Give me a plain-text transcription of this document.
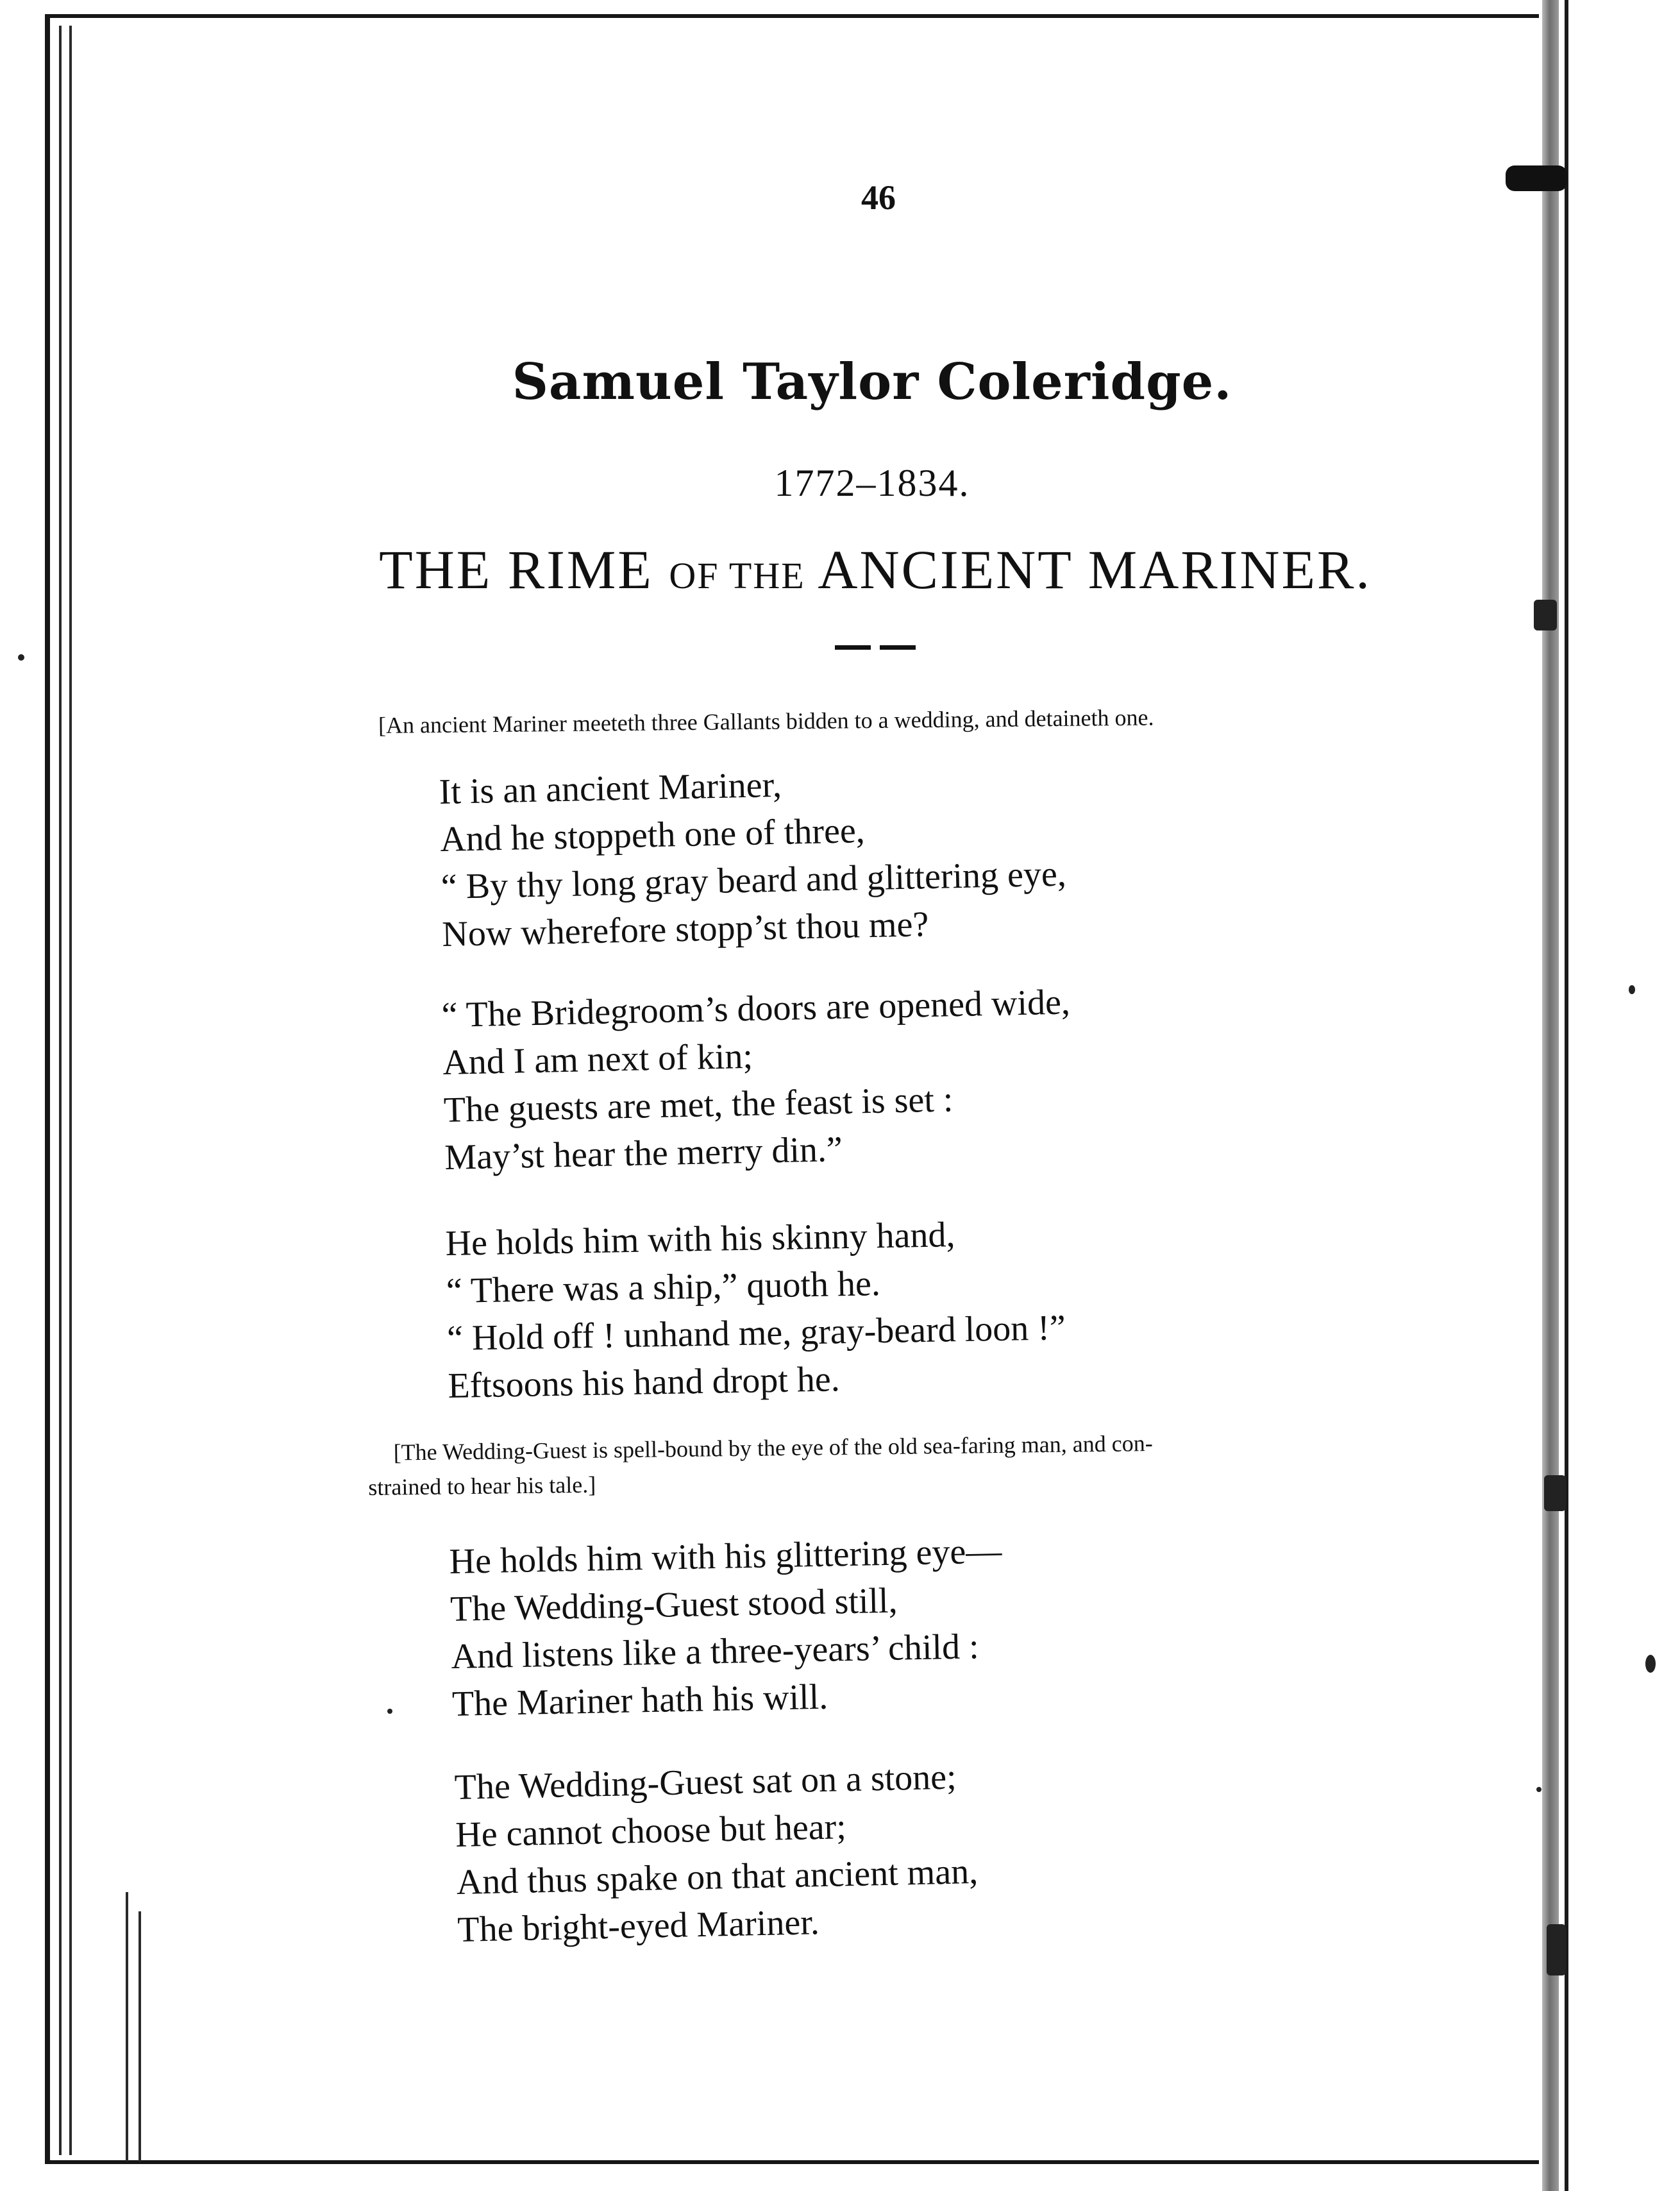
46
Samuel Taylor Coleridge.
1772–1834.
THE RIME OF THE ANCIENT MARINER.
[An ancient Mariner meeteth three Gallants bidden to a wedding, and detaineth one.
It is an ancient Mariner,
And he stoppeth one of three,
“ By thy long gray beard and glittering eye,
Now wherefore stopp’st thou me?
“ The Bridegroom’s doors are opened wide,
And I am next of kin;
The guests are met, the feast is set :
May’st hear the merry din.”
He holds him with his skinny hand,
“ There was a ship,” quoth he.
“ Hold off ! unhand me, gray-beard loon !”
Eftsoons his hand dropt he.
[The Wedding-Guest is spell-bound by the eye of the old sea-faring man, and con-
strained to hear his tale.]
He holds him with his glittering eye—
The Wedding-Guest stood still,
And listens like a three-years’ child :
The Mariner hath his will.
The Wedding-Guest sat on a stone;
He cannot choose but hear;
And thus spake on that ancient man,
The bright-eyed Mariner.
